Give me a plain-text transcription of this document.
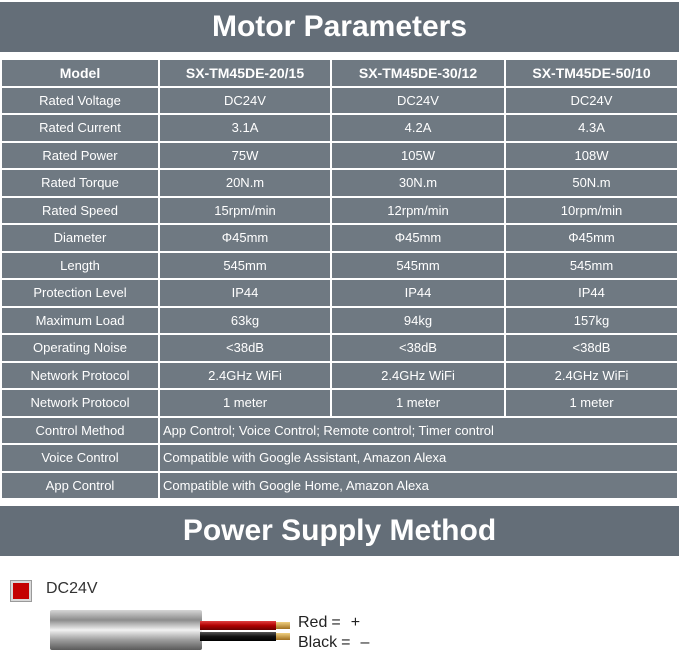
Motor Parameters
Model	SX-TM45DE-20/15	SX-TM45DE-30/12	SX-TM45DE-50/10
Rated Voltage	DC24V	DC24V	DC24V
Rated Current	3.1A	4.2A	4.3A
Rated Power	75W	105W	108W
Rated Torque	20N.m	30N.m	50N.m
Rated Speed	15rpm/min	12rpm/min	10rpm/min
Diameter	Φ45mm	Φ45mm	Φ45mm
Length	545mm	545mm	545mm
Protection Level	IP44	IP44	IP44
Maximum Load	63kg	94kg	157kg
Operating Noise	<38dB	<38dB	<38dB
Network Protocol	2.4GHz WiFi	2.4GHz WiFi	2.4GHz WiFi
Network Protocol	1 meter	1 meter	1 meter
Control Method	App Control; Voice Control; Remote control; Timer control		
Voice Control	Compatible with Google Assistant, Amazon Alexa		
App Control	Compatible with Google Home, Amazon Alexa		
Power Supply Method
DC24V
Red = +
Black = –
